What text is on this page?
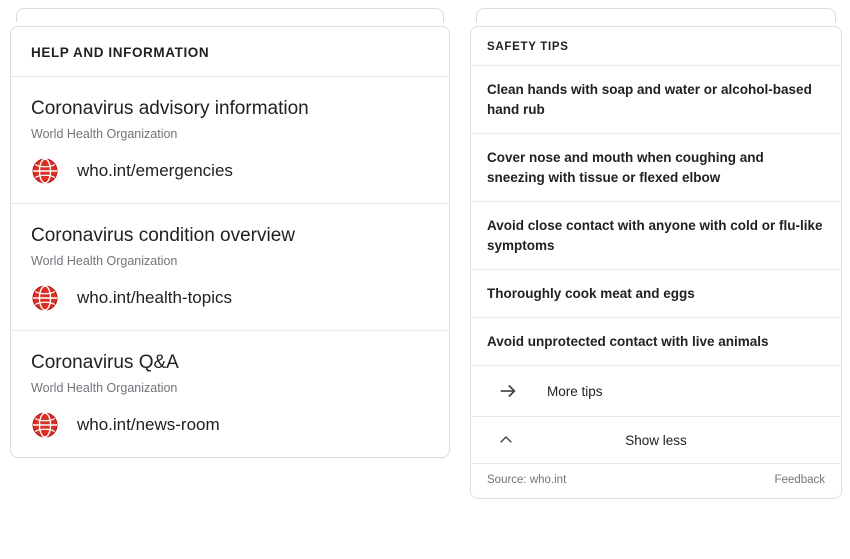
HELP AND INFORMATION
Coronavirus advisory information
World Health Organization
who.int/emergencies
Coronavirus condition overview
World Health Organization
who.int/health-topics
Coronavirus Q&A
World Health Organization
who.int/news-room
SAFETY TIPS
Clean hands with soap and water or alcohol-based hand rub
Cover nose and mouth when coughing and sneezing with tissue or flexed elbow
Avoid close contact with anyone with cold or flu-like symptoms
Thoroughly cook meat and eggs
Avoid unprotected contact with live animals
More tips
Show less
Source: who.int	Feedback
